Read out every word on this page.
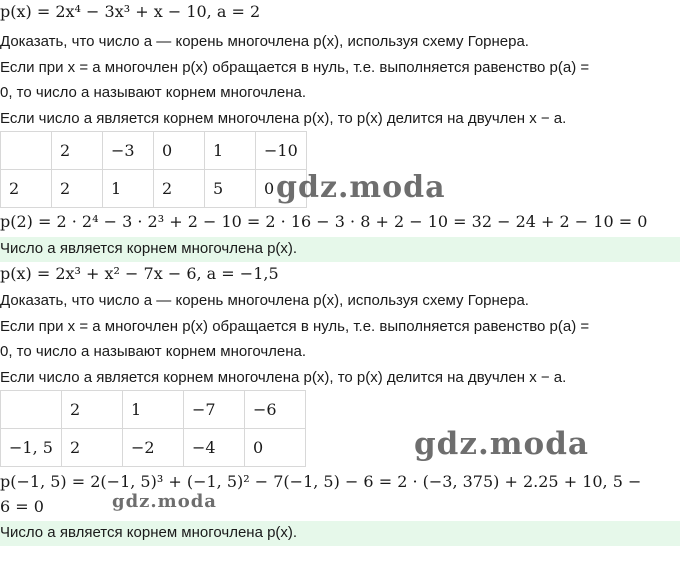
p(x) = 2x⁴ − 3x³ + x − 10, a = 2
Доказать, что число a — корень многочлена p(x), используя схему Горнера.
Если при x = a многочлен p(x) обращается в нуль, т.е. выполняется равенство p(a) =
0, то число a называют корнем многочлена.
Если число a является корнем многочлена p(x), то p(x) делится на двучлен x − a.
	2	−3	0	1	−10
2	2	1	2	5	0 gdz.moda
p(2) = 2 · 2⁴ − 3 · 2³ + 2 − 10 = 2 · 16 − 3 · 8 + 2 − 10 = 32 − 24 + 2 − 10 = 0
Число a является корнем многочлена p(x).
p(x) = 2x³ + x² − 7x − 6, a = −1,5
Доказать, что число a — корень многочлена p(x), используя схему Горнера.
Если при x = a многочлен p(x) обращается в нуль, т.е. выполняется равенство p(a) =
0, то число a называют корнем многочлена.
Если число a является корнем многочлена p(x), то p(x) делится на двучлен x − a.
	2	1	−7	−6
−1, 5	2	−2	−4	0	gdz.moda
p(−1, 5) = 2(−1, 5)³ + (−1, 5)² − 7(−1, 5) − 6 = 2 · (−3, 375) + 2.25 + 10, 5 −
6 = 0	gdz.moda
Число a является корнем многочлена p(x).
